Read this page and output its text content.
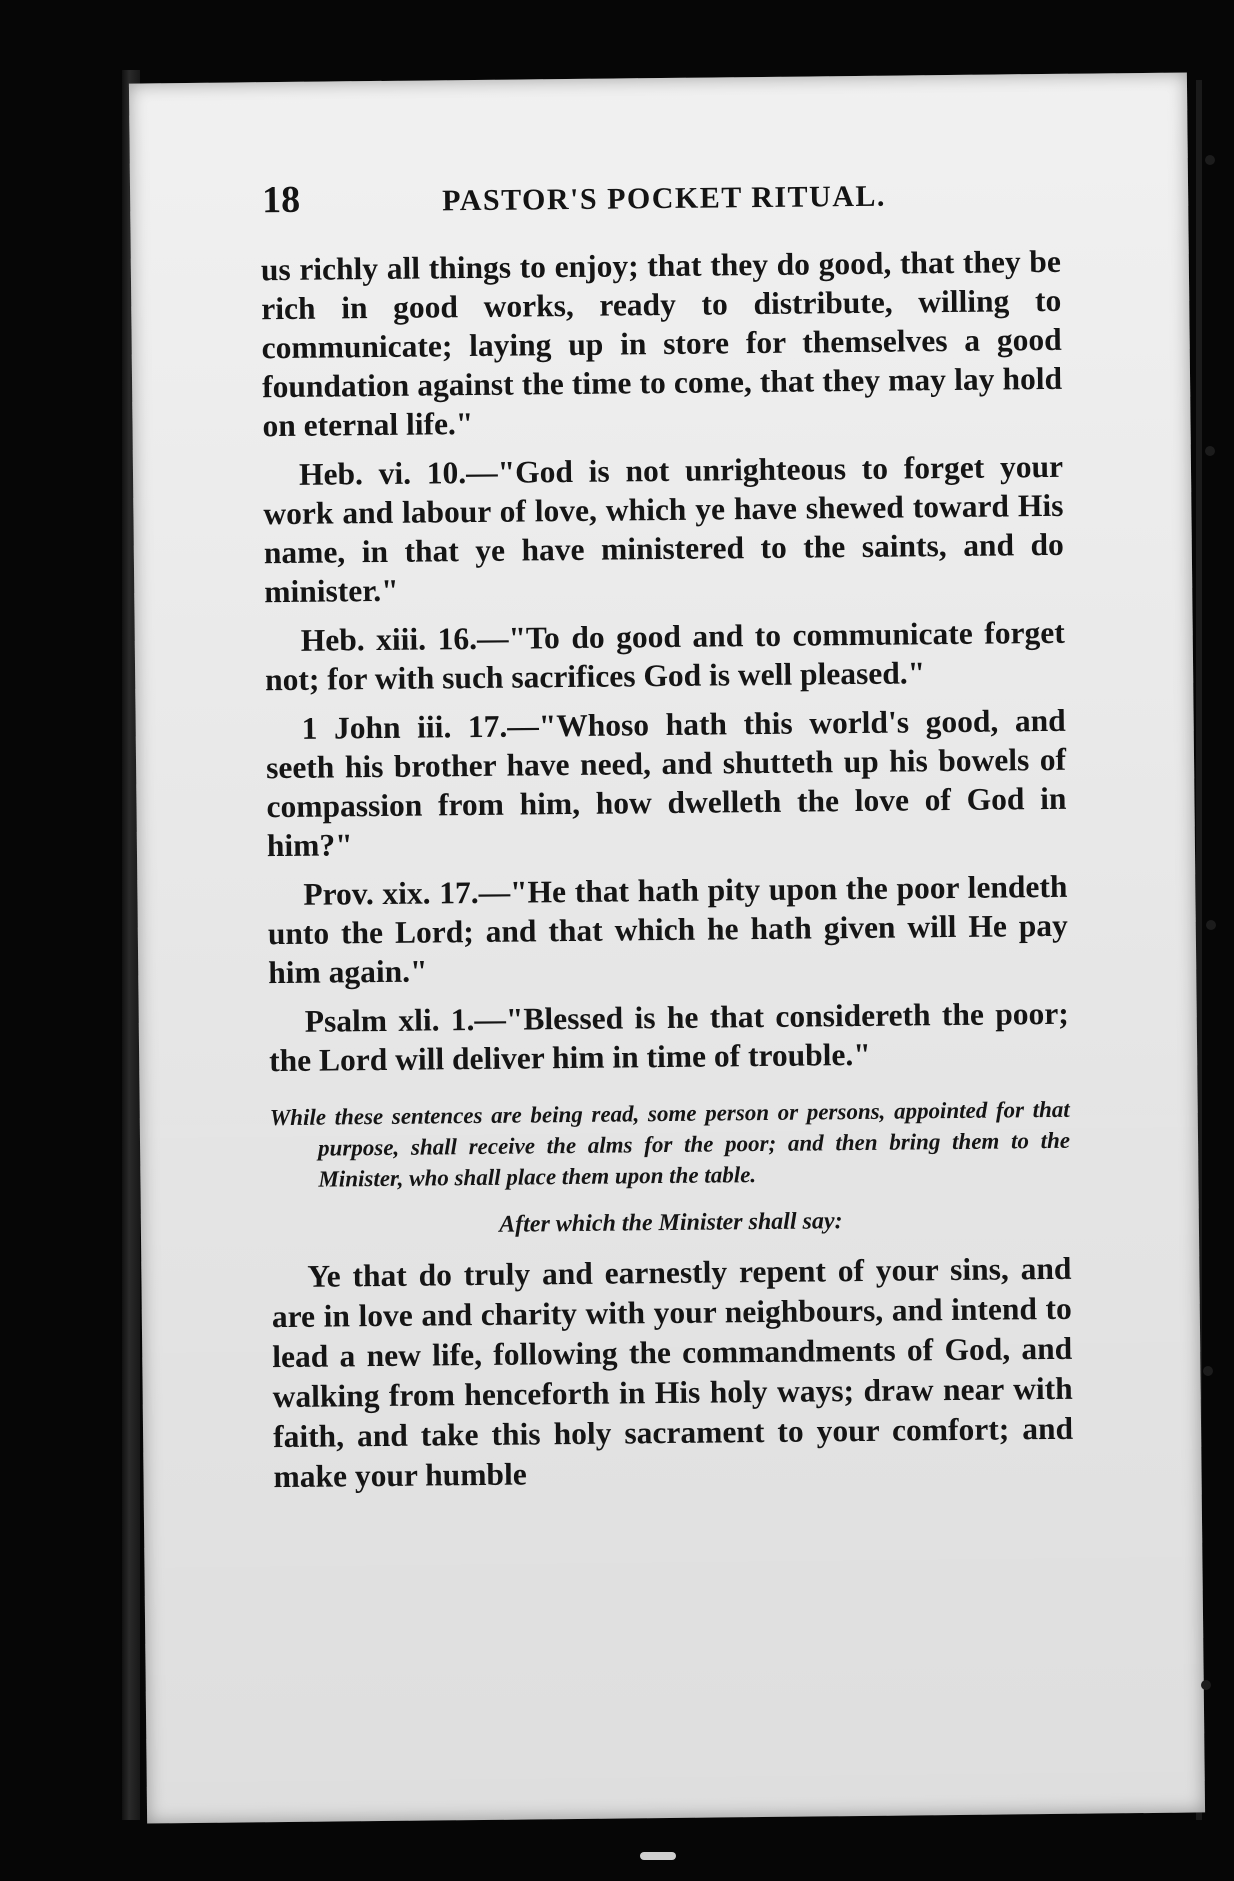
18	PASTOR'S POCKET RITUAL.

us richly all things to enjoy; that they do good, that they be rich in good works, ready to distribute, willing to communicate; laying up in store for themselves a good foundation against the time to come, that they may lay hold on eternal life."

Heb. vi. 10.—"God is not unrighteous to forget your work and labour of love, which ye have shewed toward His name, in that ye have ministered to the saints, and do minister."

Heb. xiii. 16.—"To do good and to communicate forget not; for with such sacrifices God is well pleased."

1 John iii. 17.—"Whoso hath this world's good, and seeth his brother have need, and shutteth up his bowels of compassion from him, how dwelleth the love of God in him?"

Prov. xix. 17.—"He that hath pity upon the poor lendeth unto the Lord; and that which he hath given will He pay him again."

Psalm xli. 1.—"Blessed is he that considereth the poor; the Lord will deliver him in time of trouble."

While these sentences are being read, some person or persons, appointed for that purpose, shall receive the alms for the poor; and then bring them to the Minister, who shall place them upon the table.

After which the Minister shall say:

Ye that do truly and earnestly repent of your sins, and are in love and charity with your neighbours, and intend to lead a new life, following the commandments of God, and walking from henceforth in His holy ways; draw near with faith, and take this holy sacrament to your comfort; and make your humble
